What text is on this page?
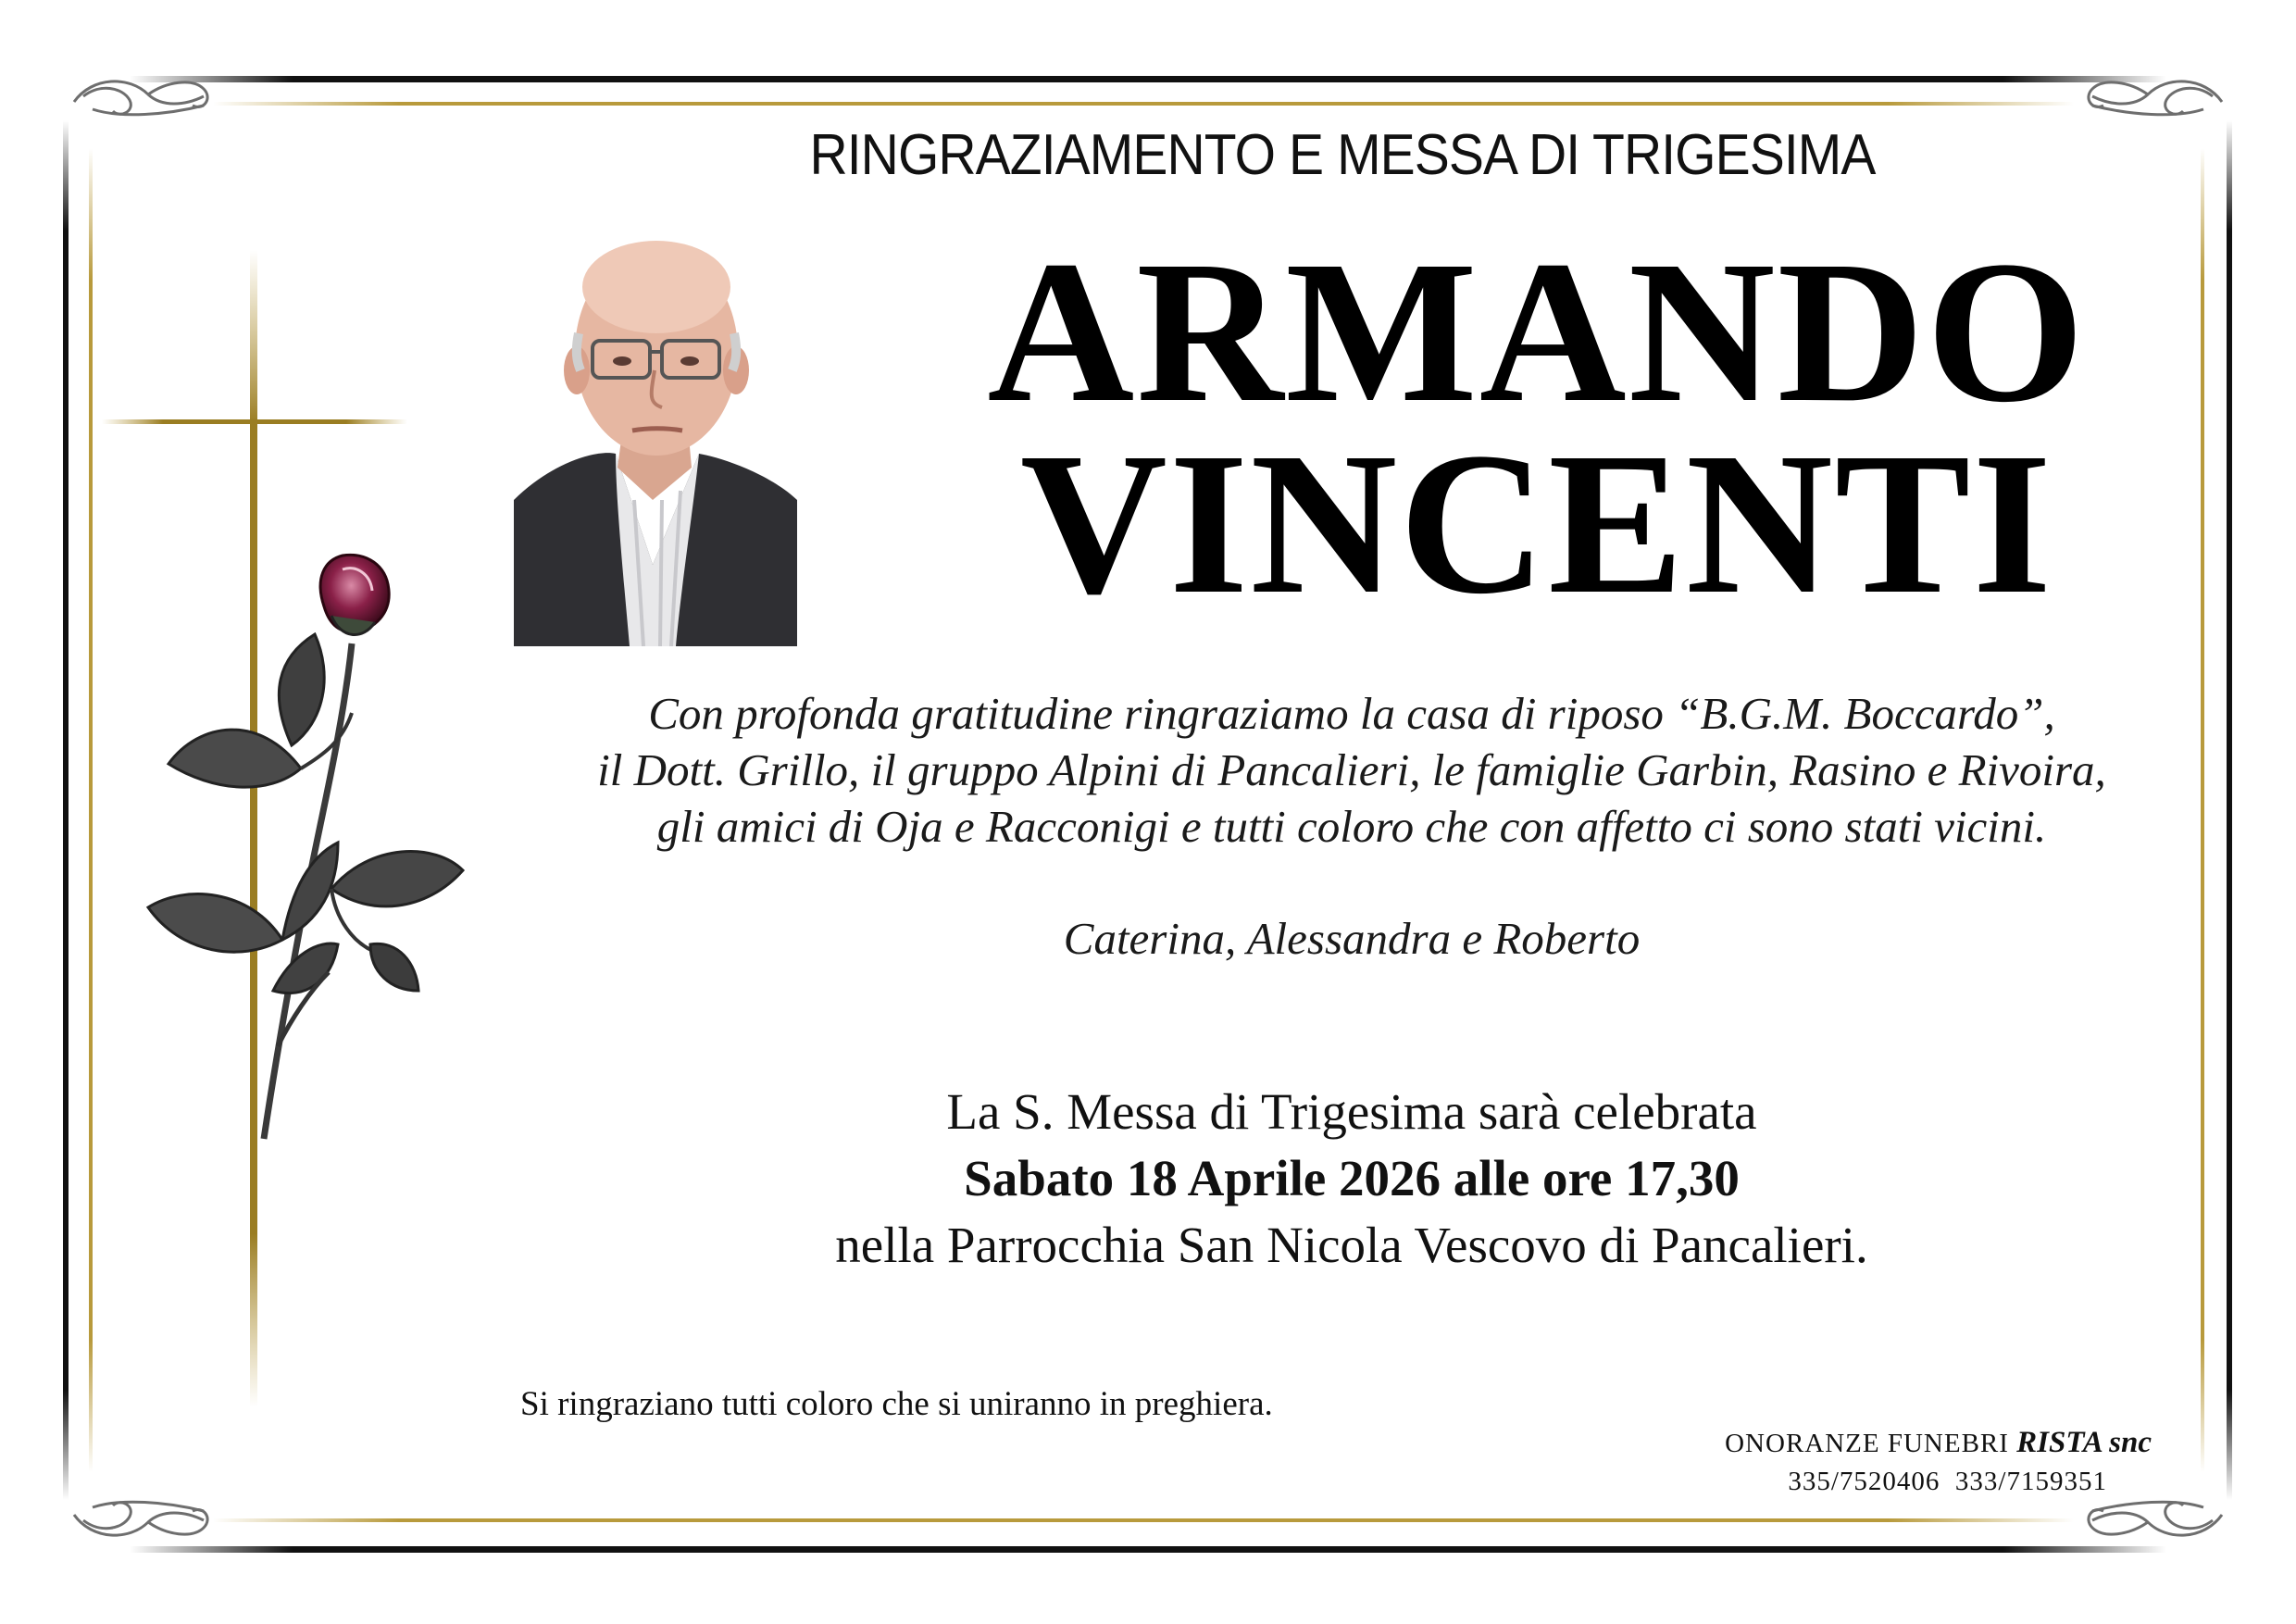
RINGRAZIAMENTO E MESSA DI TRIGESIMA
ARMANDO
VINCENTI
Con profonda gratitudine ringraziamo la casa di riposo “B.G.M. Boccardo”,
il Dott. Grillo, il gruppo Alpini di Pancalieri, le famiglie Garbin, Rasino e Rivoira,
gli amici di Oja e Racconigi e tutti coloro che con affetto ci sono stati vicini.
Caterina, Alessandra e Roberto
La S. Messa di Trigesima sarà celebrata
Sabato 18 Aprile 2026 alle ore 17,30
nella Parrocchia San Nicola Vescovo di Pancalieri.
Si ringraziano tutti coloro che si uniranno in preghiera.
ONORANZE FUNEBRI RISTA snc
335/7520406  333/7159351
